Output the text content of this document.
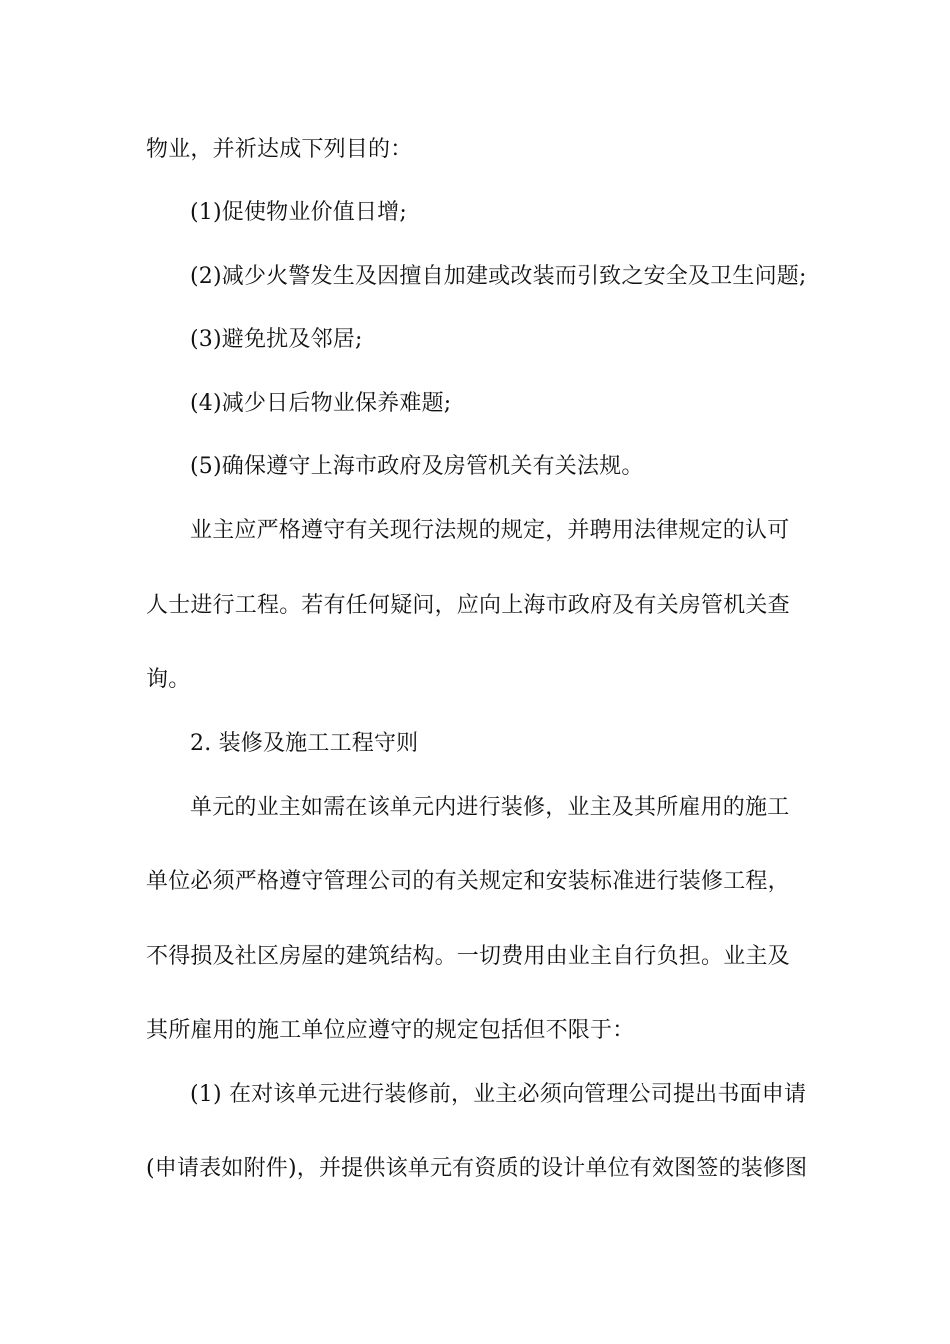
物业，并祈达成下列目的：
(1)促使物业价值日增;
(2)减少火警发生及因擅自加建或改装而引致之安全及卫生问题;
(3)避免扰及邻居;
(4)减少日后物业保养难题;
(5)确保遵守上海市政府及房管机关有关法规。
业主应严格遵守有关现行法规的规定，并聘用法律规定的认可
人士进行工程。若有任何疑问，应向上海市政府及有关房管机关查
询。
2. 装修及施工工程守则
单元的业主如需在该单元内进行装修，业主及其所雇用的施工
单位必须严格遵守管理公司的有关规定和安装标准进行装修工程，
不得损及社区房屋的建筑结构。一切费用由业主自行负担。业主及
其所雇用的施工单位应遵守的规定包括但不限于：
(1) 在对该单元进行装修前，业主必须向管理公司提出书面申请
(申请表如附件)，并提供该单元有资质的设计单位有效图签的装修图
